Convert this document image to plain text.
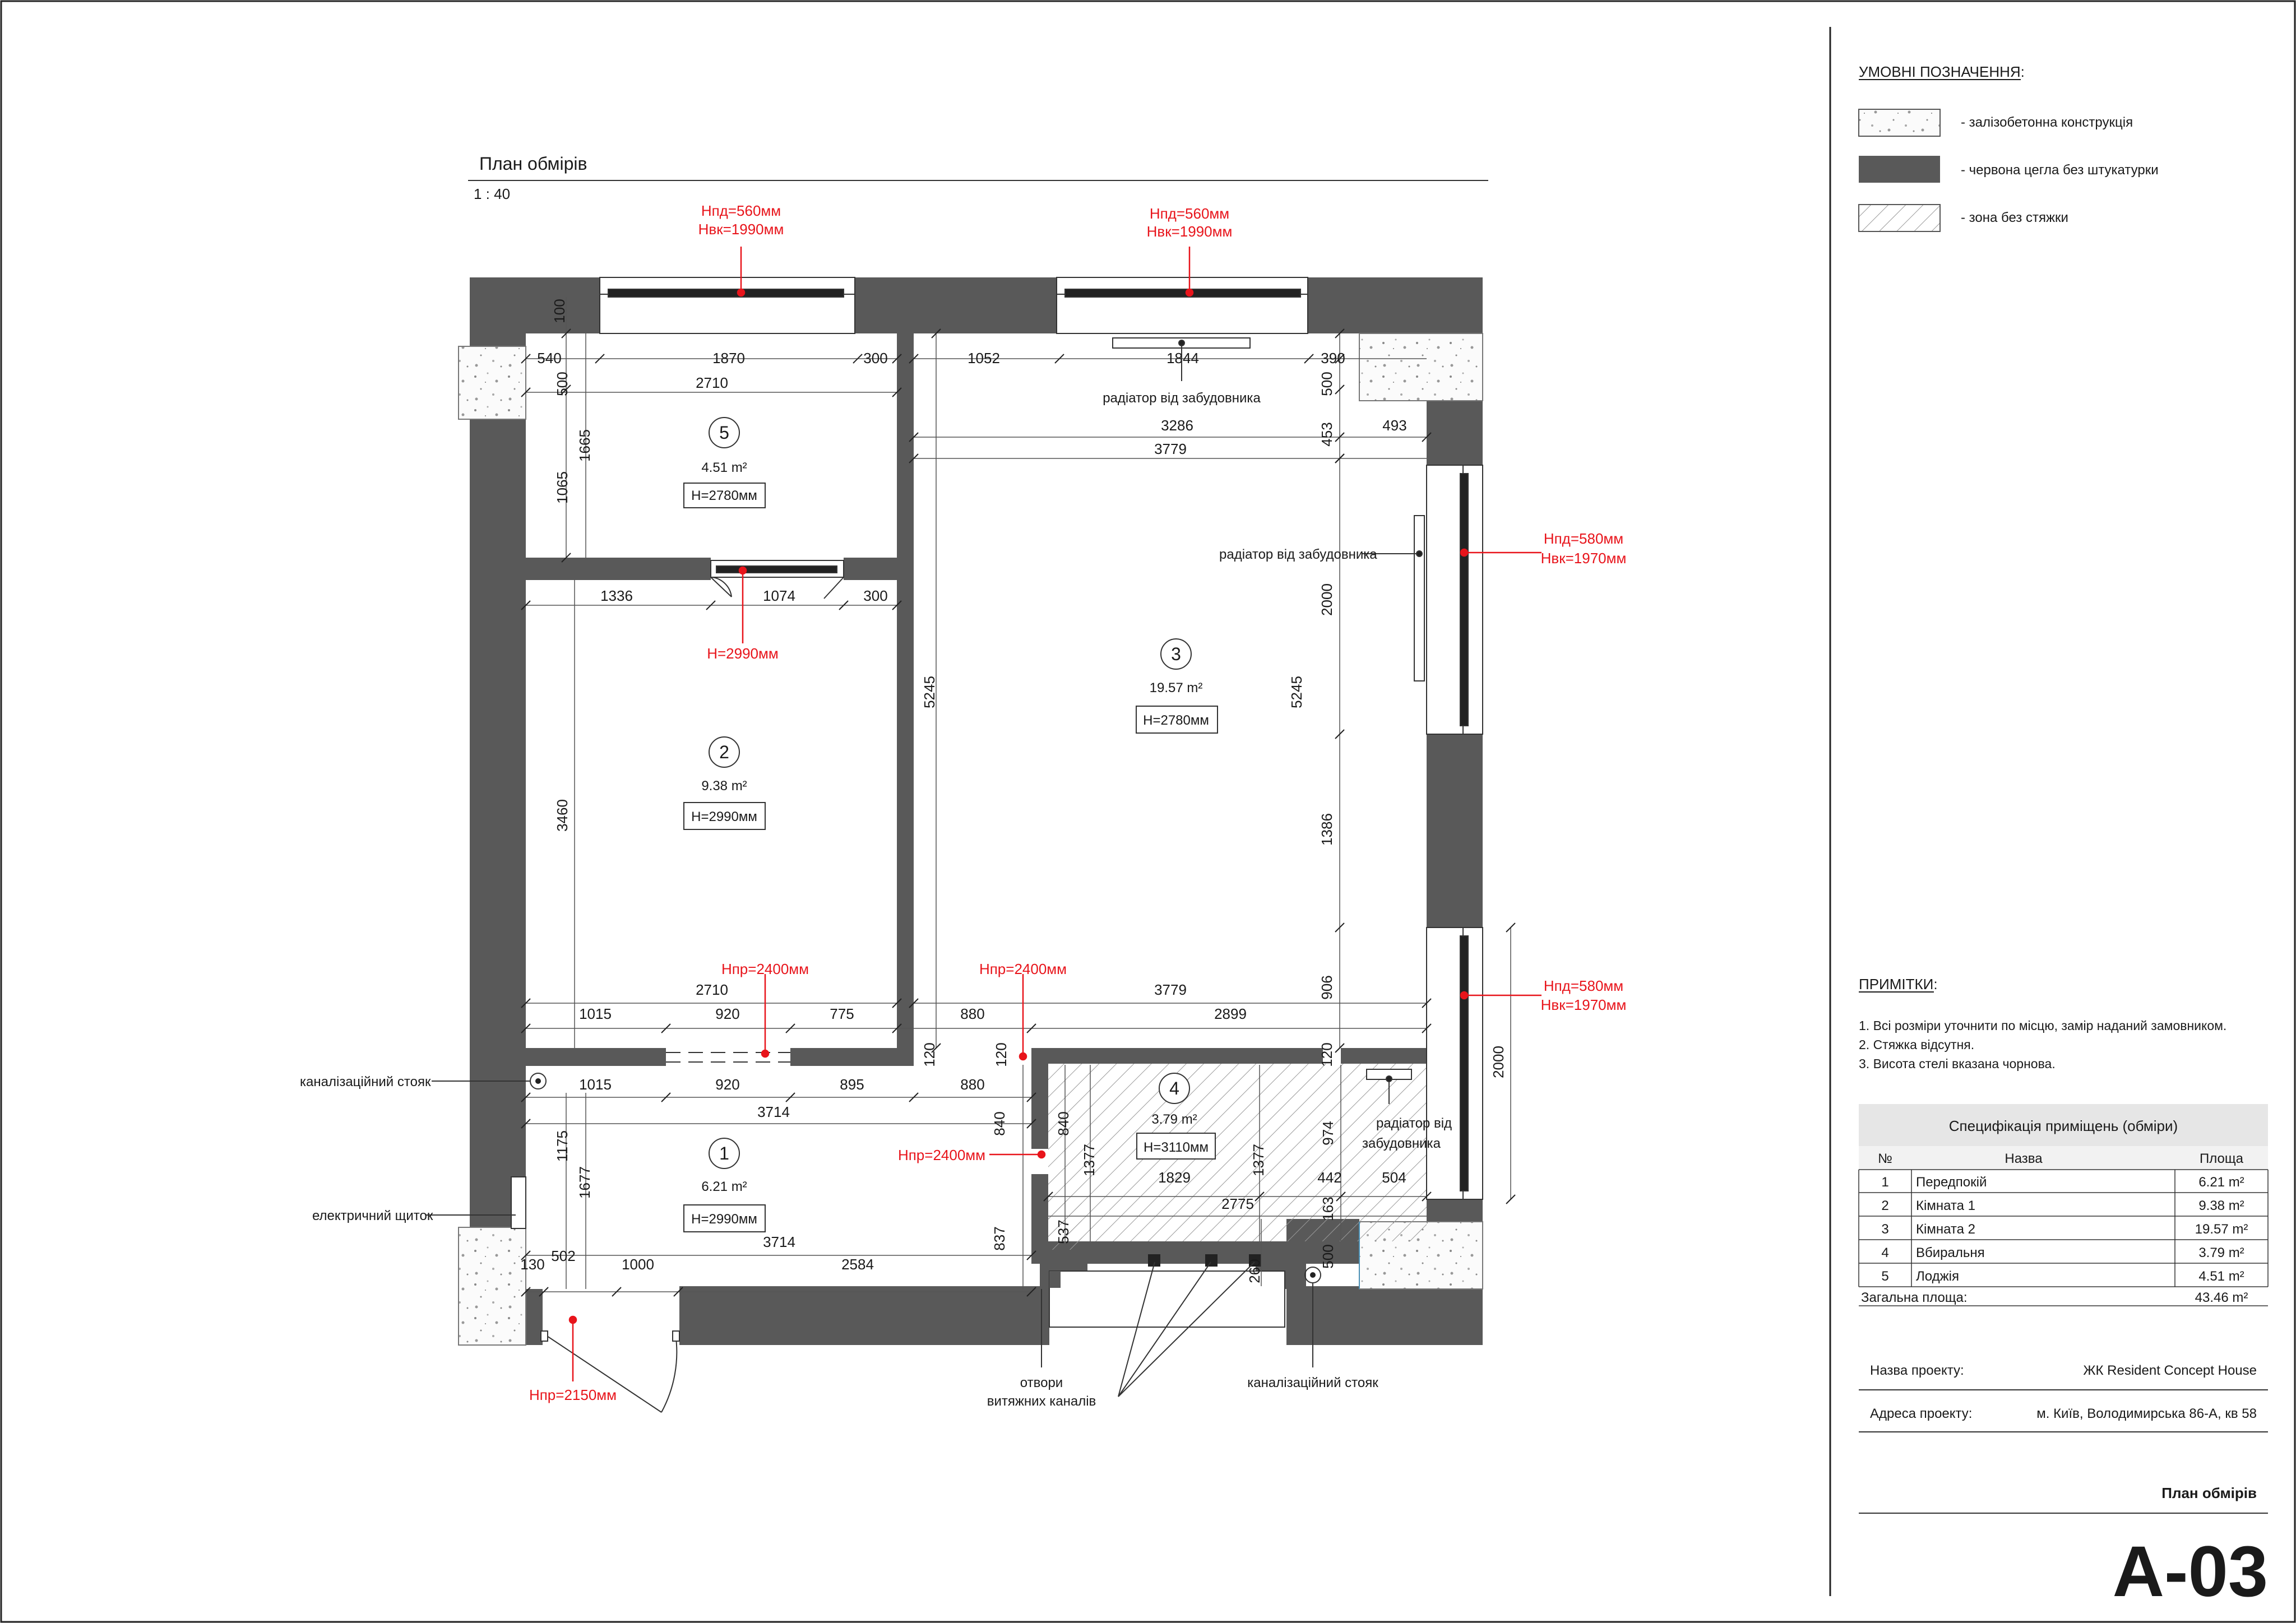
План обмірів
1 : 40
540	1870	300	1052	1844	390
2710
3286	493
3779
1336	1074	300
2710	3779
1015	920	775	880	2899
1015	920	895	880
3714
3714
1829
2775
442	504
130 502	1000	2584
100
500
1665
1065
3460
5245	5245
500
453
2000
1386
906
120	120	120
840	840
1377	1377
974
163
500
537
837
1175
1677
260
2000
5
4.51 m²
H=2780мм
2
9.38 m²
H=2990мм
3
19.57 m²
H=2780мм
4
3.79 m²
H=3110мм
1
6.21 m²
H=2990мм
Нпд=560мм
Нвк=1990мм
Нпд=560мм
Нвк=1990мм
Нпд=580мм
Нвк=1970мм
Нпд=580мм
Нвк=1970мм
H=2990мм
Нпр=2400мм	Нпр=2400мм
Нпр=2400мм
Нпр=2150мм
радіатор від забудовника
радіатор від забудовника
радіатор від
забудовника
каналізаційний стояк
електричний щиток
отвори
витяжних каналів
каналізаційний стояк
УМОВНІ ПОЗНАЧЕННЯ:
- залізобетонна конструкція
- червона цегла без штукатурки
- зона без стяжки
ПРИМІТКИ:
1. Всі розміри уточнити по місцю, замір наданий замовником.
2. Стяжка відсутня.
3. Висота стелі вказана чорнова.
Специфікація приміщень (обміри)
№	Назва	Площа
1 Передпокій	6.21 m²
2 Кімната 1	9.38 m²
3 Кімната 2	19.57 m²
4 Вбиральня	3.79 m²
5 Лоджія	4.51 m²
Загальна площа:	43.46 m²
Назва проекту:	ЖК Resident Concept House
Адреса проекту:	м. Київ, Володимирська 86-А, кв 58
План обмірів
A-03
